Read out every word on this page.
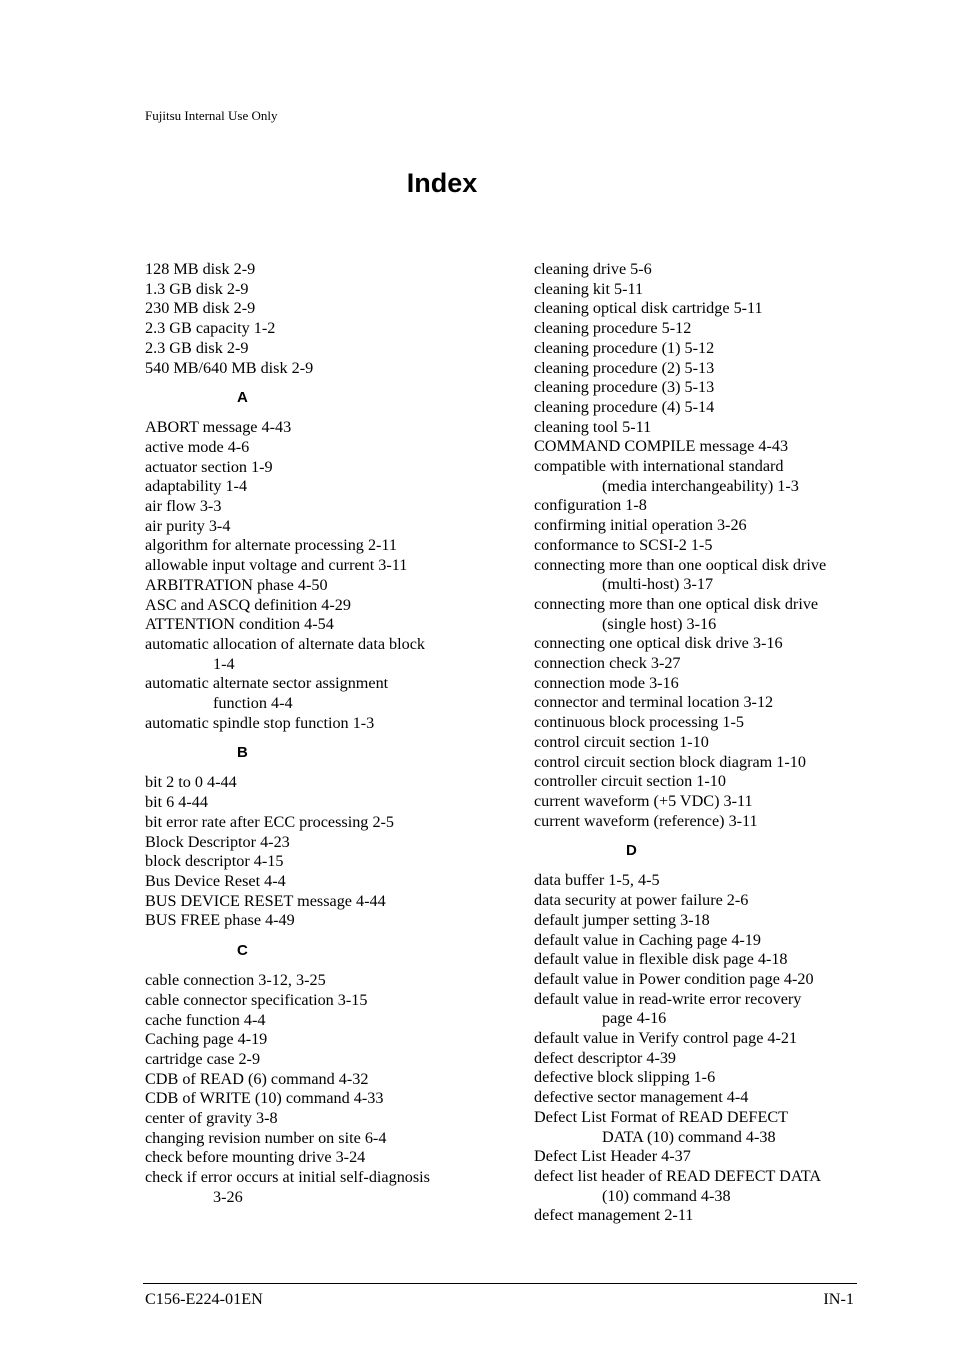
Fujitsu Internal Use Only
Index
128 MB disk 2-9
1.3 GB disk 2-9
230 MB disk 2-9
2.3 GB capacity 1-2
2.3 GB disk 2-9
540 MB/640 MB disk 2-9
A
ABORT message 4-43
active mode 4-6
actuator section 1-9
adaptability 1-4
air flow 3-3
air purity 3-4
algorithm for alternate processing 2-11
allowable input voltage and current 3-11
ARBITRATION phase 4-50
ASC and ASCQ definition 4-29
ATTENTION condition 4-54
automatic allocation of alternate data block
1-4
automatic alternate sector assignment
function 4-4
automatic spindle stop function 1-3
B
bit 2 to 0 4-44
bit 6 4-44
bit error rate after ECC processing 2-5
Block Descriptor 4-23
block descriptor 4-15
Bus Device Reset 4-4
BUS DEVICE RESET message 4-44
BUS FREE phase 4-49
C
cable connection 3-12, 3-25
cable connector specification 3-15
cache function 4-4
Caching page 4-19
cartridge case 2-9
CDB of READ (6) command 4-32
CDB of WRITE (10) command 4-33
center of gravity 3-8
changing revision number on site 6-4
check before mounting drive 3-24
check if error occurs at initial self-diagnosis
3-26
cleaning drive 5-6
cleaning kit 5-11
cleaning optical disk cartridge 5-11
cleaning procedure 5-12
cleaning procedure (1) 5-12
cleaning procedure (2) 5-13
cleaning procedure (3) 5-13
cleaning procedure (4) 5-14
cleaning tool 5-11
COMMAND COMPILE message 4-43
compatible with international standard
(media interchangeability) 1-3
configuration 1-8
confirming initial operation 3-26
conformance to SCSI-2 1-5
connecting more than one ooptical disk drive
(multi-host) 3-17
connecting more than one optical disk drive
(single host) 3-16
connecting one optical disk drive 3-16
connection check 3-27
connection mode 3-16
connector and terminal location 3-12
continuous block processing 1-5
control circuit section 1-10
control circuit section block diagram 1-10
controller circuit section 1-10
current waveform (+5 VDC) 3-11
current waveform (reference) 3-11
D
data buffer 1-5, 4-5
data security at power failure 2-6
default jumper setting 3-18
default value in Caching page 4-19
default value in flexible disk page 4-18
default value in Power condition page 4-20
default value in read-write error recovery
page 4-16
default value in Verify control page 4-21
defect descriptor 4-39
defective block slipping 1-6
defective sector management 4-4
Defect List Format of READ DEFECT
DATA (10) command 4-38
Defect List Header 4-37
defect list header of READ DEFECT DATA
(10) command 4-38
defect management 2-11
C156-E224-01EN	IN-1
